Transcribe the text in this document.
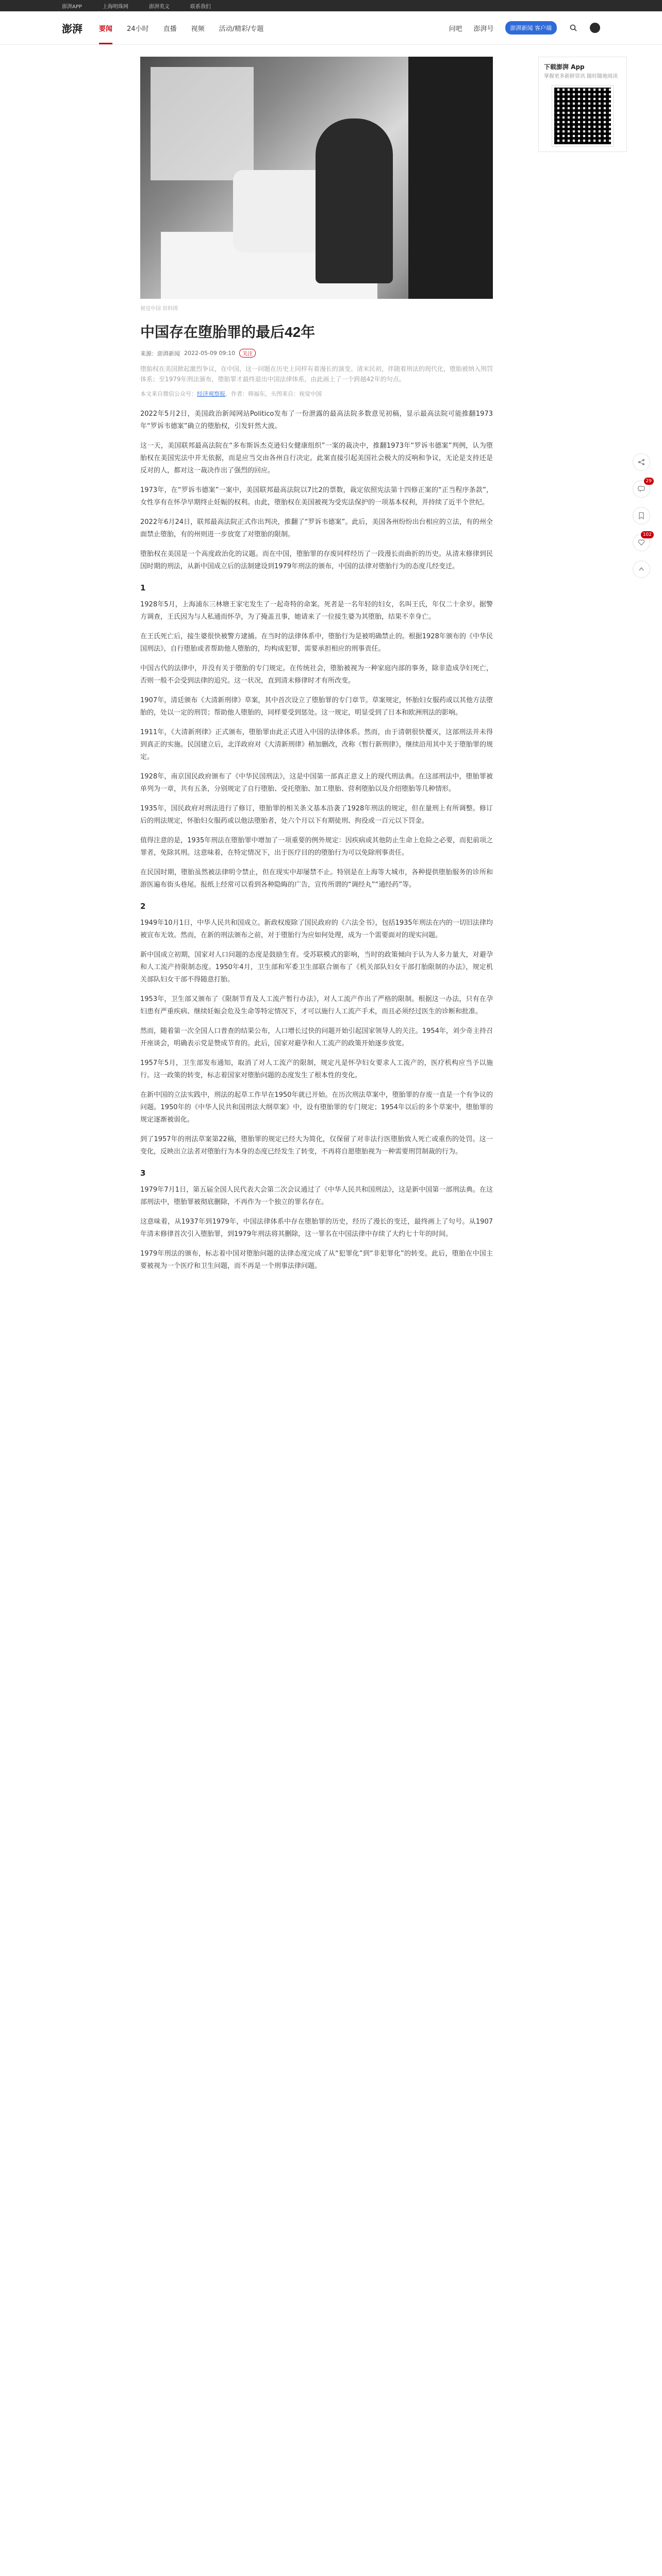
澎湃APP	上海明珠网	澎湃英文	联系我们
澎湃	要闻 24小时 直播 视频 活动/精彩/专题	问吧 澎湃号	澎湃新闻 客户端
视觉中国 资料图
中国存在堕胎罪的最后42年
来源：澎湃新闻 2022-05-09 09:10	关注
堕胎权在美国掀起激烈争议，在中国，这一问题在历史上同样有着漫长的演变。清末民初，伴随着刑法的现代化，堕胎被纳入刑罚体系；至1979年刑法颁布，堕胎罪才最终退出中国法律体系，由此画上了一个跨越42年的句点。
本文来自微信公众号：经济观察报，作者：韩福东，头图来自：视觉中国

2022年5月2日，美国政治新闻网站Politico发布了一份泄露的最高法院多数意见初稿，显示最高法院可能推翻1973年“罗诉韦德案”确立的堕胎权，引发轩然大波。

这一天，美国联邦最高法院在“多布斯诉杰克逊妇女健康组织”一案的裁决中，推翻1973年“罗诉韦德案”判例，认为堕胎权在美国宪法中并无依据，而是应当交由各州自行决定。此案直接引起美国社会极大的反响和争议，无论是支持还是反对的人，都对这一裁决作出了强烈的回应。

1973年，在“罗诉韦德案”一案中，美国联邦最高法院以7比2的票数，裁定依照宪法第十四修正案的“正当程序条款”，女性享有在怀孕早期终止妊娠的权利。由此，堕胎权在美国被视为受宪法保护的一项基本权利，并持续了近半个世纪。

2022年6月24日，联邦最高法院正式作出判决，推翻了“罗诉韦德案”。此后，美国各州纷纷出台相应的立法，有的州全面禁止堕胎，有的州则进一步放宽了对堕胎的限制。

堕胎权在美国是一个高度政治化的议题。而在中国，堕胎罪的存废同样经历了一段漫长而曲折的历史。从清末修律到民国时期的刑法，从新中国成立后的法制建设到1979年刑法的颁布，中国的法律对堕胎行为的态度几经变迁。

1

1928年5月，上海浦东三林塘王家宅发生了一起奇特的命案。死者是一名年轻的妇女，名叫王氏，年仅二十余岁。据警方调查，王氏因为与人私通而怀孕，为了掩盖丑事，她请来了一位接生婆为其堕胎，结果不幸身亡。

在王氏死亡后，接生婆很快被警方逮捕。在当时的法律体系中，堕胎行为是被明确禁止的。根据1928年颁布的《中华民国刑法》，自行堕胎或者帮助他人堕胎的，均构成犯罪，需要承担相应的刑事责任。

中国古代的法律中，并没有关于堕胎的专门规定。在传统社会，堕胎被视为一种家庭内部的事务，除非造成孕妇死亡，否则一般不会受到法律的追究。这一状况，直到清末修律时才有所改变。

1907年，清廷颁布《大清新刑律》草案，其中首次设立了堕胎罪的专门章节。草案规定，怀胎妇女服药或以其他方法堕胎的，处以一定的刑罚；帮助他人堕胎的，同样要受到惩处。这一规定，明显受到了日本和欧洲刑法的影响。

1911年，《大清新刑律》正式颁布，堕胎罪由此正式进入中国的法律体系。然而，由于清朝很快覆灭，这部刑法并未得到真正的实施。民国建立后，北洋政府对《大清新刑律》稍加删改，改称《暂行新刑律》，继续沿用其中关于堕胎罪的规定。

1928年，南京国民政府颁布了《中华民国刑法》，这是中国第一部真正意义上的现代刑法典。在这部刑法中，堕胎罪被单列为一章，共有五条，分别规定了自行堕胎、受托堕胎、加工堕胎、营利堕胎以及介绍堕胎等几种情形。

1935年，国民政府对刑法进行了修订，堕胎罪的相关条文基本沿袭了1928年刑法的规定，但在量刑上有所调整。修订后的刑法规定，怀胎妇女服药或以他法堕胎者，处六个月以下有期徒刑、拘役或一百元以下罚金。

值得注意的是，1935年刑法在堕胎罪中增加了一项重要的例外规定：因疾病或其他防止生命上危险之必要，而犯前项之罪者，免除其刑。这意味着，在特定情况下，出于医疗目的的堕胎行为可以免除刑事责任。

在民国时期，堕胎虽然被法律明令禁止，但在现实中却屡禁不止。特别是在上海等大城市，各种提供堕胎服务的诊所和游医遍布街头巷尾。报纸上经常可以看到各种隐晦的广告，宣传所谓的“调经丸”“通经药”等。

2

1949年10月1日，中华人民共和国成立。新政权废除了国民政府的《六法全书》，包括1935年刑法在内的一切旧法律均被宣布无效。然而，在新的刑法颁布之前，对于堕胎行为应如何处理，成为一个需要面对的现实问题。

新中国成立初期，国家对人口问题的态度是鼓励生育。受苏联模式的影响，当时的政策倾向于认为人多力量大，对避孕和人工流产持限制态度。1950年4月，卫生部和军委卫生部联合颁布了《机关部队妇女干部打胎限制的办法》，规定机关部队妇女干部不得随意打胎。

1953年，卫生部又颁布了《限制节育及人工流产暂行办法》，对人工流产作出了严格的限制。根据这一办法，只有在孕妇患有严重疾病、继续妊娠会危及生命等特定情况下，才可以施行人工流产手术，而且必须经过医生的诊断和批准。

然而，随着第一次全国人口普查的结果公布，人口增长过快的问题开始引起国家领导人的关注。1954年，刘少奇主持召开座谈会，明确表示党是赞成节育的。此后，国家对避孕和人工流产的政策开始逐步放宽。

1957年5月，卫生部发布通知，取消了对人工流产的限制，规定凡是怀孕妇女要求人工流产的，医疗机构应当予以施行。这一政策的转变，标志着国家对堕胎问题的态度发生了根本性的变化。

在新中国的立法实践中，刑法的起草工作早在1950年就已开始。在历次刑法草案中，堕胎罪的存废一直是一个有争议的问题。1950年的《中华人民共和国刑法大纲草案》中，设有堕胎罪的专门规定；1954年以后的多个草案中，堕胎罪的规定逐渐被弱化。

到了1957年的刑法草案第22稿，堕胎罪的规定已经大为简化，仅保留了对非法行医堕胎致人死亡或重伤的处罚。这一变化，反映出立法者对堕胎行为本身的态度已经发生了转变，不再将自愿堕胎视为一种需要刑罚制裁的行为。

3

1979年7月1日，第五届全国人民代表大会第二次会议通过了《中华人民共和国刑法》，这是新中国第一部刑法典。在这部刑法中，堕胎罪被彻底删除，不再作为一个独立的罪名存在。

这意味着，从1937年到1979年，中国法律体系中存在堕胎罪的历史，经历了漫长的变迁，最终画上了句号。从1907年清末修律首次引入堕胎罪，到1979年刑法将其删除，这一罪名在中国法律中存续了大约七十年的时间。

1979年刑法的颁布，标志着中国对堕胎问题的法律态度完成了从“犯罪化”到“非犯罪化”的转变。此后，堕胎在中国主要被视为一个医疗和卫生问题，而不再是一个刑事法律问题。

下载澎湃 App
掌握更多新鲜资讯 随时随地阅读
29
102
